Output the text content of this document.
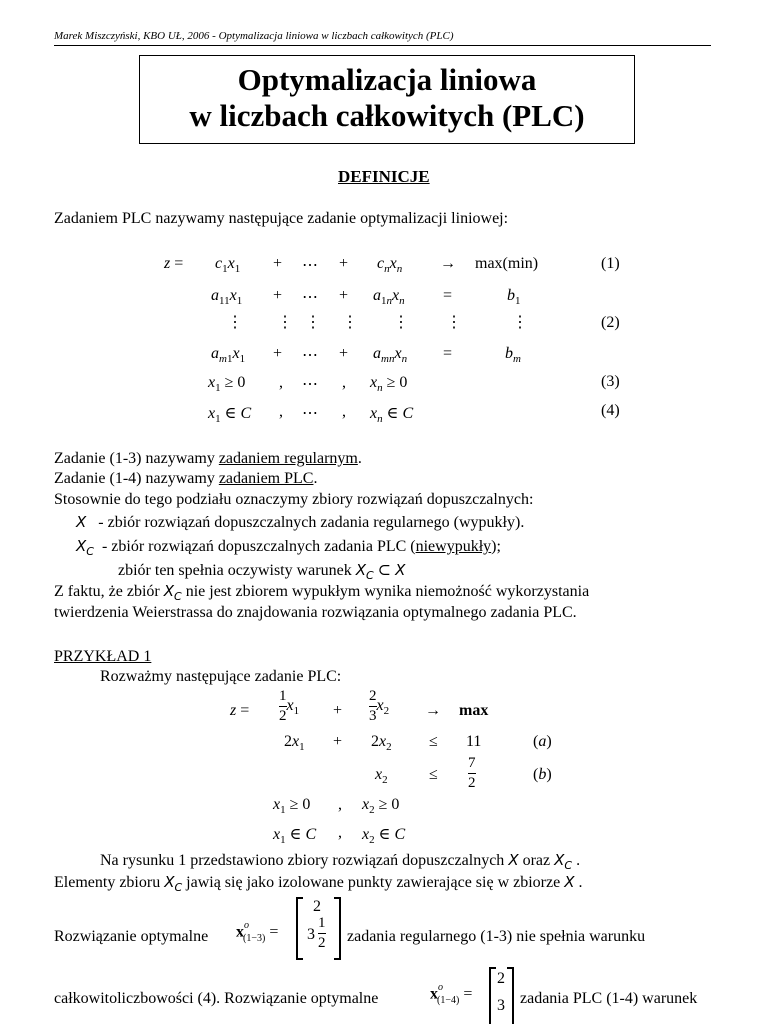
Marek Miszczyński, KBO UŁ, 2006 - Optymalizacja liniowa w liczbach całkowitych (PLC)
Optymalizacja liniowa
w liczbach całkowitych (PLC)
DEFINICJE
Zadaniem PLC nazywamy następujące zadanie optymalizacji liniowej:
$z = c_1x_1$ + ⋯ + $c_nx_n \to \max(\min)$
$a_{11}x_1$ + ⋯ + $a_{1n}x_n$ =	$b_1$
⋮ ⋮ ⋮ ⋮ ⋮ ⋮	⋮
$a_{m1}x_1$ + ⋯ + $a_{mn}x_n$ =	$b_m$
$x_1 \ge 0$ , ⋯ , $x_n \ge 0$
$x_1$ ∈ C , ⋯ , $x_n$ ∈ C
(1)
(2)
(3)
(4)
Zadanie (1-3) nazywamy zadaniem regularnym.
Zadanie (1-4) nazywamy zadaniem PLC.
Stosownie do tego podziału oznaczymy zbiory rozwiązań dopuszczalnych:
X   - zbiór rozwiązań dopuszczalnych zadania regularnego (wypukły).
$X_C$  - zbiór rozwiązań dopuszczalnych zadania PLC (niewypukły);
zbiór ten spełnia oczywisty warunek $X_C$ ⊂ X
Z faktu, że zbiór $X_C$ nie jest zbiorem wypukłym wynika niemożność wykorzystania
twierdzenia Weierstrassa do znajdowania rozwiązania optymalnego zadania PLC.
PRZYKŁAD 1
Rozważmy następujące zadanie PLC:
$z = \frac{1}{2} x_1 + \frac{2}{3} x_2 \to \max$
$2x_1 + 2x_2 \le 11$	(a)
$x_2$	≤ $\frac{7}{2}$	(b)
$x_1 \ge 0$ , $x_2 \ge 0$
$x_1$ ∈ C , $x_2$ ∈ C
Na rysunku 1 przedstawiono zbiory rozwiązań dopuszczalnych X oraz $X_C$ .
Elementy zbioru $X_C$ jawią się jako izolowane punkty zawierające się w zbiorze X .
Rozwiązanie optymalne $x^o_{(1-3)}$ =
2
$3 \frac{1}{2}$ zadania regularnego (1-3) nie spełnia warunku
całkowitoliczbowości (4). Rozwiązanie optymalne	$x^o_{(1-4)}$ =
2
3 zadania PLC (1-4) warunek
